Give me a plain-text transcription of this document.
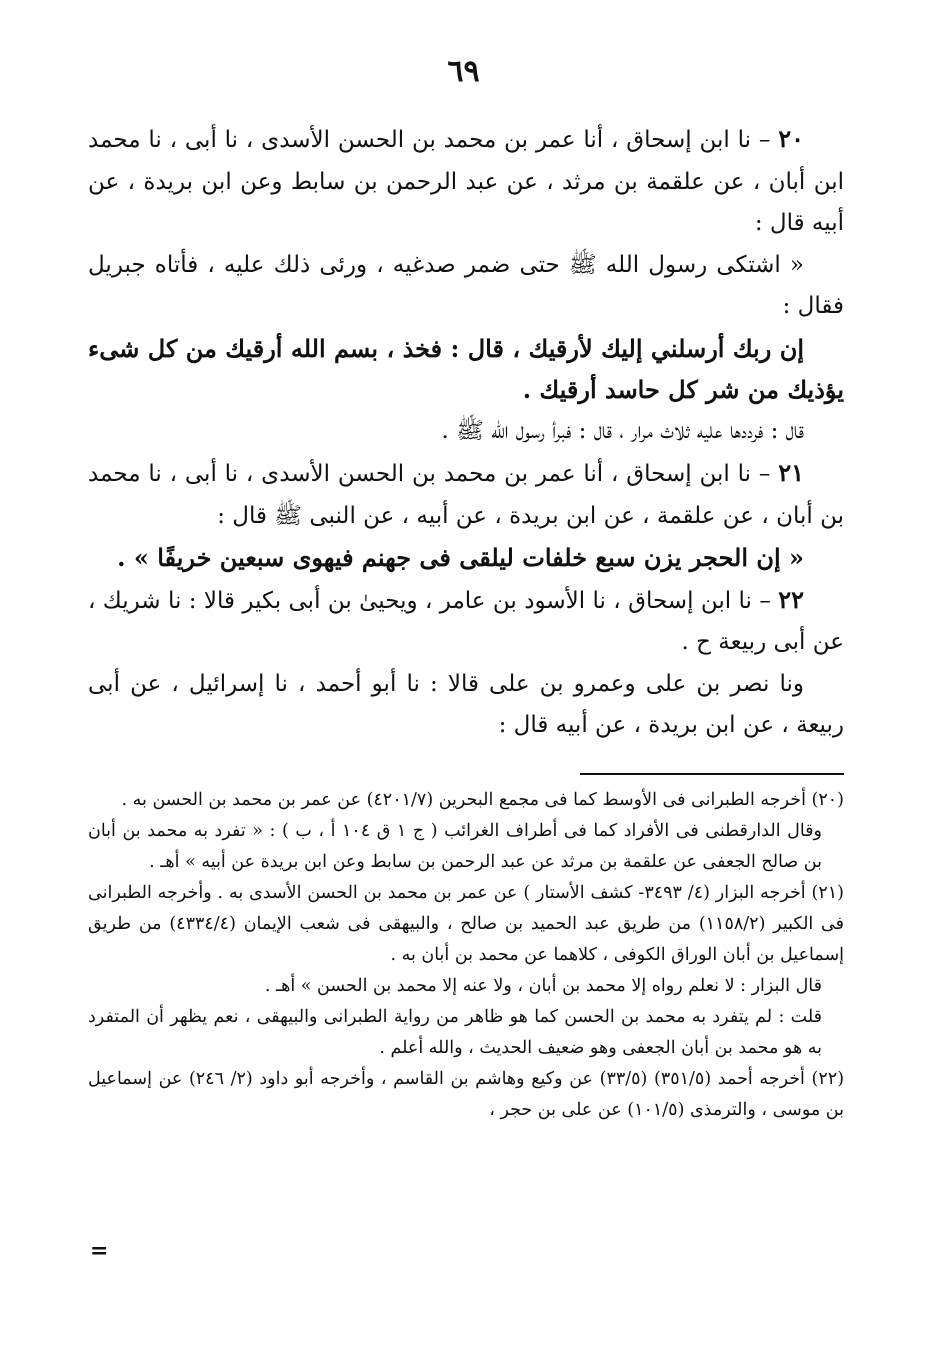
٦٩

٢٠ – نا ابن إسحاق ، أنا عمر بن محمد بن الحسن الأسدى ، نا أبى ، نا محمد ابن أبان ، عن علقمة بن مرثد ، عن عبد الرحمن بن سابط وعن ابن بريدة ، عن أبيه قال :

« اشتكى رسول الله ﷺ حتى ضمر صدغيه ، ورئى ذلك عليه ، فأتاه جبريل فقال :

إن ربك أرسلني إليك لأرقيك ، قال : فخذ ، بسم الله أرقيك من كل شىء يؤذيك من شر كل حاسد أرقيك .

قال : فرددها عليه ثلاث مرار ، قال : فبرأ رسول الله ﷺ .

٢١ – نا ابن إسحاق ، أنا عمر بن محمد بن الحسن الأسدى ، نا أبى ، نا محمد بن أبان ، عن علقمة ، عن ابن بريدة ، عن أبيه ، عن النبى ﷺ قال :

« إن الحجر يزن سبع خلفات ليلقى فى جهنم فيهوى سبعين خريفًا » .

٢٢ – نا ابن إسحاق ، نا الأسود بن عامر ، ويحيىٰ بن أبى بكير قالا : نا شريك ، عن أبى ربيعة ح .

ونا نصر بن على وعمرو بن على قالا : نا أبو أحمد ، نا إسرائيل ، عن أبى ربيعة ، عن ابن بريدة ، عن أبيه قال :

(٢٠) أخرجه الطبرانى فى الأوسط كما فى مجمع البحرين (٤٢٠١/٧) عن عمر بن محمد بن الحسن به .

وقال الدارقطنى فى الأفراد كما فى أطراف الغرائب ( ج ١ ق ١٠٤ أ ، ب ) : « تفرد به محمد بن أبان بن صالح الجعفى عن علقمة بن مرثد عن عبد الرحمن بن سابط وعن ابن بريدة عن أبيه » أهـ .

(٢١) أخرجه البزار (٤/ ٣٤٩٣- كشف الأستار ) عن عمر بن محمد بن الحسن الأسدى به . وأخرجه الطبرانى فى الكبير (١١٥٨/٢) من طريق عبد الحميد بن صالح ، والبيهقى فى شعب الإيمان (٤٣٣٤/٤) من طريق إسماعيل بن أبان الوراق الكوفى ، كلاهما عن محمد بن أبان به .

قال البزار : لا نعلم رواه إلا محمد بن أبان ، ولا عنه إلا محمد بن الحسن » أهـ .

قلت : لم يتفرد به محمد بن الحسن كما هو ظاهر من رواية الطبرانى والبيهقى ، نعم يظهر أن المتفرد به هو محمد بن أبان الجعفى وهو ضعيف الحديث ، والله أعلم .

(٢٢) أخرجه أحمد (٣٥١/٥) (٣٣/٥) عن وكيع وهاشم بن القاسم ، وأخرجه أبو داود (٢/ ٢٤٦) عن إسماعيل بن موسى ، والترمذى (١٠١/٥) عن على بن حجر ،

=
